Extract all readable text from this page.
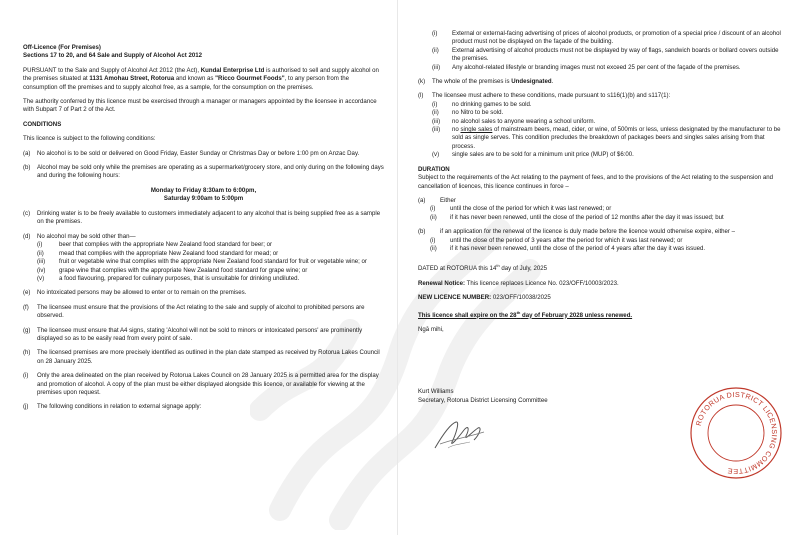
Off-Licence (For Premises)

Sections 17 to 20, and 64 Sale and Supply of Alcohol Act 2012

PURSUANT to the Sale and Supply of Alcohol Act 2012 (the Act), Kundal Enterprise Ltd is authorised to sell and supply alcohol on the premises situated at 1131 Amohau Street, Rotorua and known as "Ricco Gourmet Foods", to any person from the consumption off the premises and to supply alcohol free, as a sample, for the consumption on the premises.

The authority conferred by this licence must be exercised through a manager or managers appointed by the licensee in accordance with Subpart 7 of Part 2 of the Act.

CONDITIONS

This licence is subject to the following conditions:

(a)	No alcohol is to be sold or delivered on Good Friday, Easter Sunday or Christmas Day or before 1:00 pm on Anzac Day.
(b)	Alcohol may be sold only while the premises are operating as a supermarket/grocery store, and only during on the following days and during the following hours:

Monday to Friday 8:30am to 6:00pm,

Saturday 9:00am to 5:00pm

(c)	Drinking water is to be freely available to customers immediately adjacent to any alcohol that is being supplied free as a sample on the premises.
(d)	No alcohol may be sold other than—
(i)	beer that complies with the appropriate New Zealand food standard for beer; or
(ii)	mead that complies with the appropriate New Zealand food standard for mead; or
(iii)	fruit or vegetable wine that complies with the appropriate New Zealand food standard for fruit or vegetable wine; or
(iv)	grape wine that complies with the appropriate New Zealand food standard for grape wine; or
(v)	a food flavouring, prepared for culinary purposes, that is unsuitable for drinking undiluted.
(e)	No intoxicated persons may be allowed to enter or to remain on the premises.
(f)	The licensee must ensure that the provisions of the Act relating to the sale and supply of alcohol to prohibited persons are observed.
(g)	The licensee must ensure that A4 signs, stating 'Alcohol will not be sold to minors or intoxicated persons' are prominently displayed so as to be easily read from every point of sale.
(h)	The licensed premises are more precisely identified as outlined in the plan date stamped as received by Rotorua Lakes Council on 28 January 2025.
(i)	Only the area delineated on the plan received by Rotorua Lakes Council on 28 January 2025 is a permitted area for the display and promotion of alcohol. A copy of the plan must be either displayed alongside this licence, or available for viewing at the premises upon request.
(j)	The following conditions in relation to external signage apply:
(i)	External or external-facing advertising of prices of alcohol products, or promotion of a special price / discount of an alcohol product must not be displayed on the façade of the building.
(ii)	External advertising of alcohol products must not be displayed by way of flags, sandwich boards or bollard covers outside the premises.
(iii)	Any alcohol-related lifestyle or branding images must not exceed 25 per cent of the façade of the premises.
(k)	The whole of the premises is Undesignated.
(l)	The licensee must adhere to these conditions, made pursuant to s116(1)(b) and s117(1):
(i)	no drinking games to be sold.
(ii)	no Nitro to be sold.
(iii)	no alcohol sales to anyone wearing a school uniform.
(iii)	no single sales of mainstream beers, mead, cider, or wine, of 500mls or less, unless designated by the manufacturer to be sold as single serves. This condition precludes the breakdown of packages beers and singles sales arising from that process.
(v)	single sales are to be sold for a minimum unit price (MUP) of $6:00.

DURATION

Subject to the requirements of the Act relating to the payment of fees, and to the provisions of the Act relating to the suspension and cancellation of licences, this licence continues in force –

(a)	Either
(i)	until the close of the period for which it was last renewed; or
(ii)	if it has never been renewed, until the close of the period of 12 months after the day it was issued; but
(b)	if an application for the renewal of the licence is duly made before the licence would otherwise expire, either –
(i)	until the close of the period of 3 years after the period for which it was last renewed; or
(ii)	if it has never been renewed, until the close of the period of 4 years after the day it was issued.

DATED at ROTORUA this 14th day of July, 2025

Renewal Notice: This licence replaces Licence No. 023/OFF/10003/2023.

NEW LICENCE NUMBER: 023/OFF/10038/2025

This licence shall expire on the 28th day of February 2028 unless renewed.

Ngā mihi,

Kurt Williams

Secretary, Rotorua District Licensing Committee

ROTORUA DISTRICT LICENSING COMMITTEE
